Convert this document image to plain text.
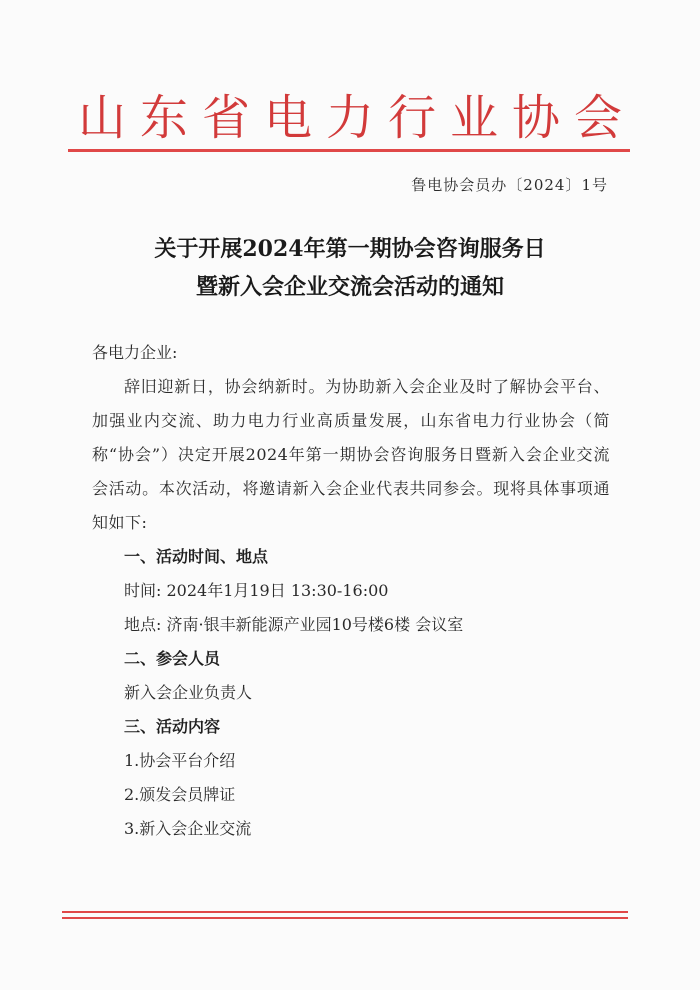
山东省电力行业协会
鲁电协会员办〔2024〕1号
关于开展2024年第一期协会咨询服务日
暨新入会企业交流会活动的通知

各电力企业:

辞旧迎新日，协会纳新时。为协助新入会企业及时了解协会平台、加强业内交流、助力电力行业高质量发展，山东省电力行业协会（简称“协会”）决定开展2024年第一期协会咨询服务日暨新入会企业交流会活动。本次活动，将邀请新入会企业代表共同参会。现将具体事项通知如下:

一、活动时间、地点

时间: 2024年1月19日 13:30-16:00

地点: 济南·银丰新能源产业园10号楼6楼 会议室

二、参会人员

新入会企业负责人

三、活动内容

1.协会平台介绍

2.颁发会员牌证

3.新入会企业交流
